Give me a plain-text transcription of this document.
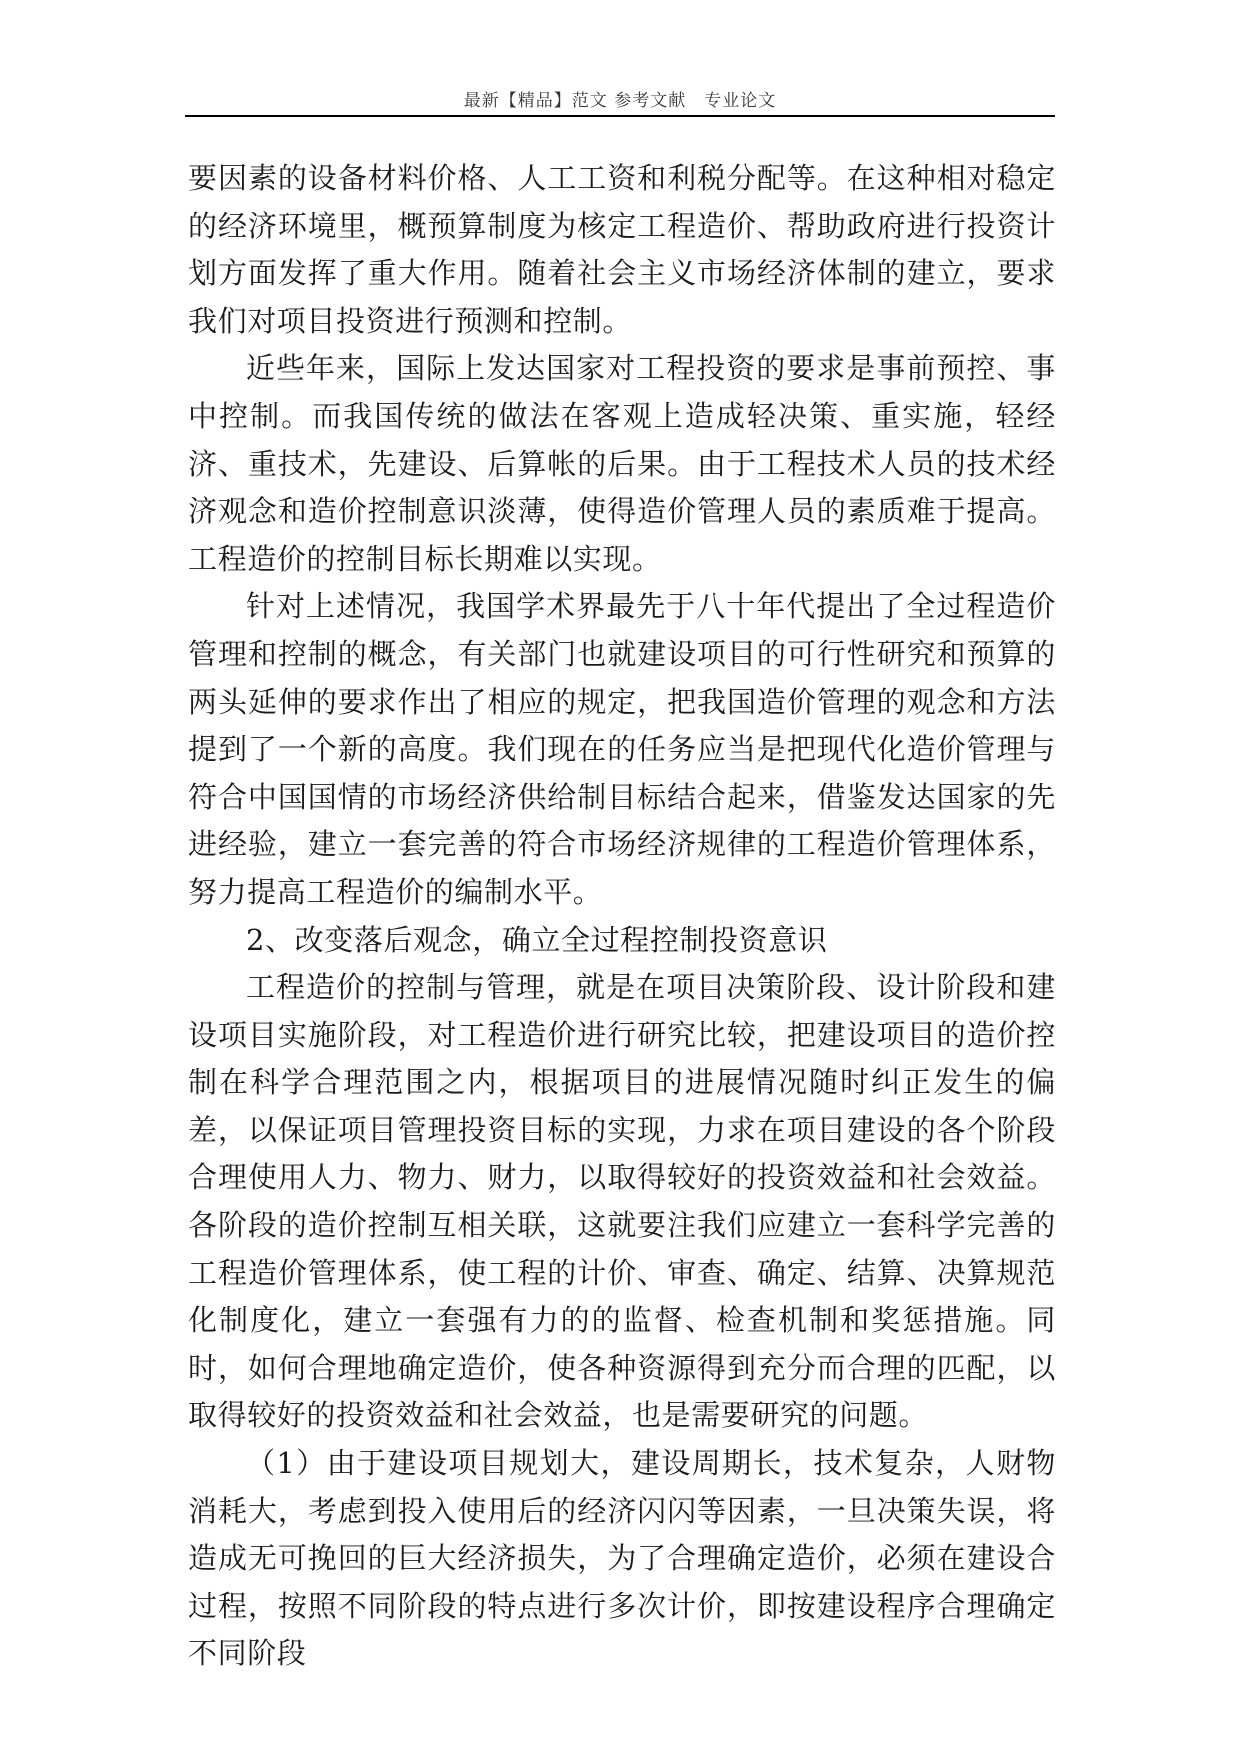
最新【精品】范文 参考文献　专业论文

要因素的设备材料价格、人工工资和利税分配等。在这种相对稳定的经济环境里，概预算制度为核定工程造价、帮助政府进行投资计划方面发挥了重大作用。随着社会主义市场经济体制的建立，要求我们对项目投资进行预测和控制。

近些年来，国际上发达国家对工程投资的要求是事前预控、事中控制。而我国传统的做法在客观上造成轻决策、重实施，轻经济、重技术，先建设、后算帐的后果。由于工程技术人员的技术经济观念和造价控制意识淡薄，使得造价管理人员的素质难于提高。工程造价的控制目标长期难以实现。

针对上述情况，我国学术界最先于八十年代提出了全过程造价管理和控制的概念，有关部门也就建设项目的可行性研究和预算的两头延伸的要求作出了相应的规定，把我国造价管理的观念和方法提到了一个新的高度。我们现在的任务应当是把现代化造价管理与符合中国国情的市场经济供给制目标结合起来，借鉴发达国家的先进经验，建立一套完善的符合市场经济规律的工程造价管理体系，努力提高工程造价的编制水平。

2、改变落后观念，确立全过程控制投资意识

工程造价的控制与管理，就是在项目决策阶段、设计阶段和建设项目实施阶段，对工程造价进行研究比较，把建设项目的造价控制在科学合理范围之内，根据项目的进展情况随时纠正发生的偏差，以保证项目管理投资目标的实现，力求在项目建设的各个阶段合理使用人力、物力、财力，以取得较好的投资效益和社会效益。各阶段的造价控制互相关联，这就要注我们应建立一套科学完善的工程造价管理体系，使工程的计价、审查、确定、结算、决算规范化制度化，建立一套强有力的的监督、检查机制和奖惩措施。同时，如何合理地确定造价，使各种资源得到充分而合理的匹配，以取得较好的投资效益和社会效益，也是需要研究的问题。

（1）由于建设项目规划大，建设周期长，技术复杂，人财物消耗大，考虑到投入使用后的经济闪闪等因素，一旦决策失误，将造成无可挽回的巨大经济损失，为了合理确定造价，必须在建设合过程，按照不同阶段的特点进行多次计价，即按建设程序合理确定不同阶段
